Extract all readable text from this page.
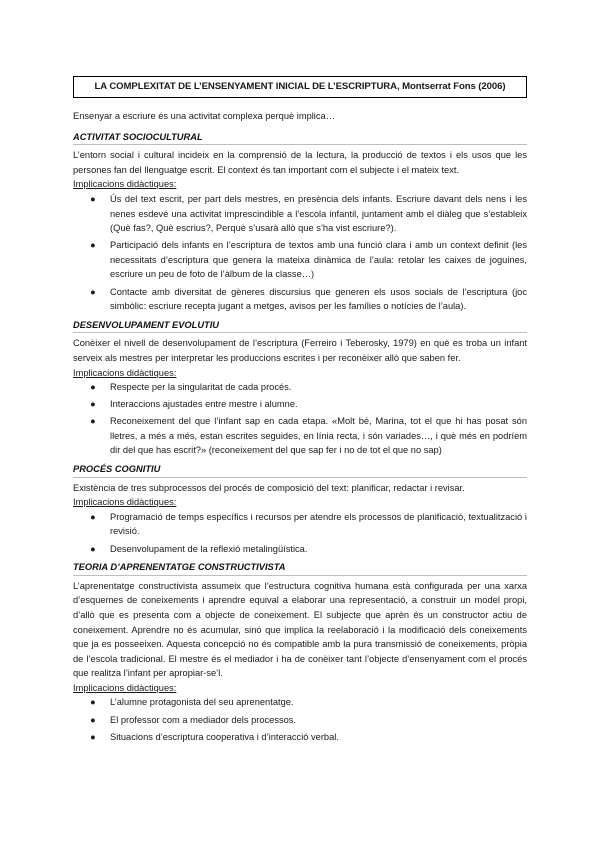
LA COMPLEXITAT DE L’ENSENYAMENT INICIAL DE L’ESCRIPTURA, Montserrat Fons (2006)

Ensenyar a escriure és una activitat complexa perquè implica…

ACTIVITAT SOCIOCULTURAL

L’entorn social i cultural incideix en la comprensió de la lectura, la producció de textos i els usos que les persones fan del llenguatge escrit. El context és tan important com el subjecte i el mateix text.

Implicacions didàctiques:

● Ús del text escrit, per part dels mestres, en presència dels infants. Escriure davant dels nens i les nenes esdevé una activitat imprescindible a l’escola infantil, juntament amb el diàleg que s’estableix (Què fas?, Què escrius?, Perquè s’usarà allò que s’ha vist escriure?).
● Participació dels infants en l’escriptura de textos amb una funció clara i amb un context definit (les necessitats d’escriptura que genera la mateixa dinàmica de l’aula: retolar les caixes de joguines, escriure un peu de foto de l’àlbum de la classe…)
● Contacte amb diversitat de gèneres discursius que generen els usos socials de l’escriptura (joc simbòlic: escriure recepta jugant a metges, avisos per les famílies o notícies de l’aula).

DESENVOLUPAMENT EVOLUTIU

Conèixer el nivell de desenvolupament de l’escriptura (Ferreiro i Teberosky, 1979) en què es troba un infant serveix als mestres per interpretar les produccions escrites i per reconèixer allò que saben fer.

Implicacions didàctiques:

● Respecte per la singularitat de cada procés.
● Interaccions ajustades entre mestre i alumne.
● Reconeixement del que l’infant sap en cada etapa. «Molt bé, Marina, tot el que hi has posat són lletres, a més a més, estan escrites seguides, en línia recta, i són variades…, i què més en podríem dir del que has escrit?» (reconeixement del que sap fer i no de tot el que no sap)

PROCÉS COGNITIU

Existència de tres subprocessos del procés de composició del text: planificar, redactar i revisar.

Implicacions didàctiques:

● Programació de temps específics i recursos per atendre els processos de planificació, textualització i revisió.
● Desenvolupament de la reflexió metalingüística.

TEORIA D’APRENENTATGE CONSTRUCTIVISTA

L’aprenentatge constructivista assumeix que l’estructura cognitiva humana està configurada per una xarxa d’esquemes de coneixements i aprendre equival a elaborar una representació, a construir un model propi, d’allò que es presenta com a objecte de coneixement. El subjecte que aprèn és un constructor actiu de coneixement. Aprendre no és acumular, sinó que implica la reelaboració i la modificació dels coneixements que ja es posseeixen. Aquesta concepció no és compatible amb la pura transmissió de coneixements, pròpia de l’escola tradicional. El mestre és el mediador i ha de conèixer tant l’objecte d’ensenyament com el procés que realitza l’infant per apropiar-se’l.

Implicacions didàctiques:

● L’alumne protagonista del seu aprenentatge.
● El professor com a mediador dels processos.
● Situacions d’escriptura cooperativa i d’interacció verbal.
